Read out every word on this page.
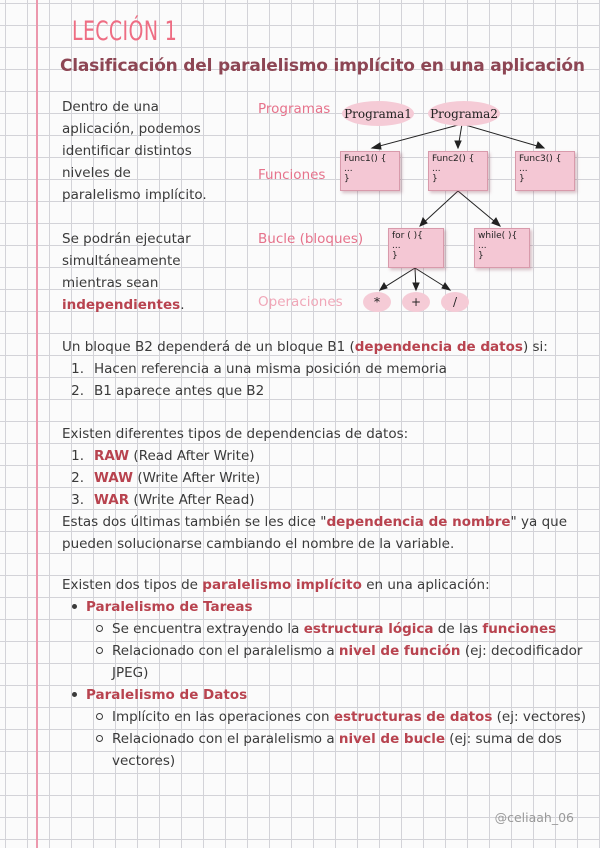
LECCIÓN 1
Clasificación del paralelismo implícito en una aplicación
Dentro de una
aplicación, podemos
identificar distintos
niveles de
paralelismo implícito.
Se podrán ejecutar
simultáneamente
mientras sean
independientes.
Programas
Funciones
Bucle (bloques)
Operaciones
Programa1 Programa2
Func1() {
...
}
Func2() {
...
}
Func3() {
...
}
for ( ){
...
}
while( ){
...
}
*	+	/
Un bloque B2 dependerá de un bloque B1 (dependencia de datos) si:
1. Hacen referencia a una misma posición de memoria
2. B1 aparece antes que B2
Existen diferentes tipos de dependencias de datos:
1. RAW (Read After Write)
2. WAW (Write After Write)
3. WAR (Write After Read)
Estas dos últimas también se les dice "dependencia de nombre" ya que
pueden solucionarse cambiando el nombre de la variable.
Existen dos tipos de paralelismo implícito en una aplicación:
Paralelismo de Tareas
Se encuentra extrayendo la estructura lógica de las funciones
Relacionado con el paralelismo a nivel de función (ej: decodificador
JPEG)
Paralelismo de Datos
Implícito en las operaciones con estructuras de datos (ej: vectores)
Relacionado con el paralelismo a nivel de bucle (ej: suma de dos
vectores)
@celiaah_06
